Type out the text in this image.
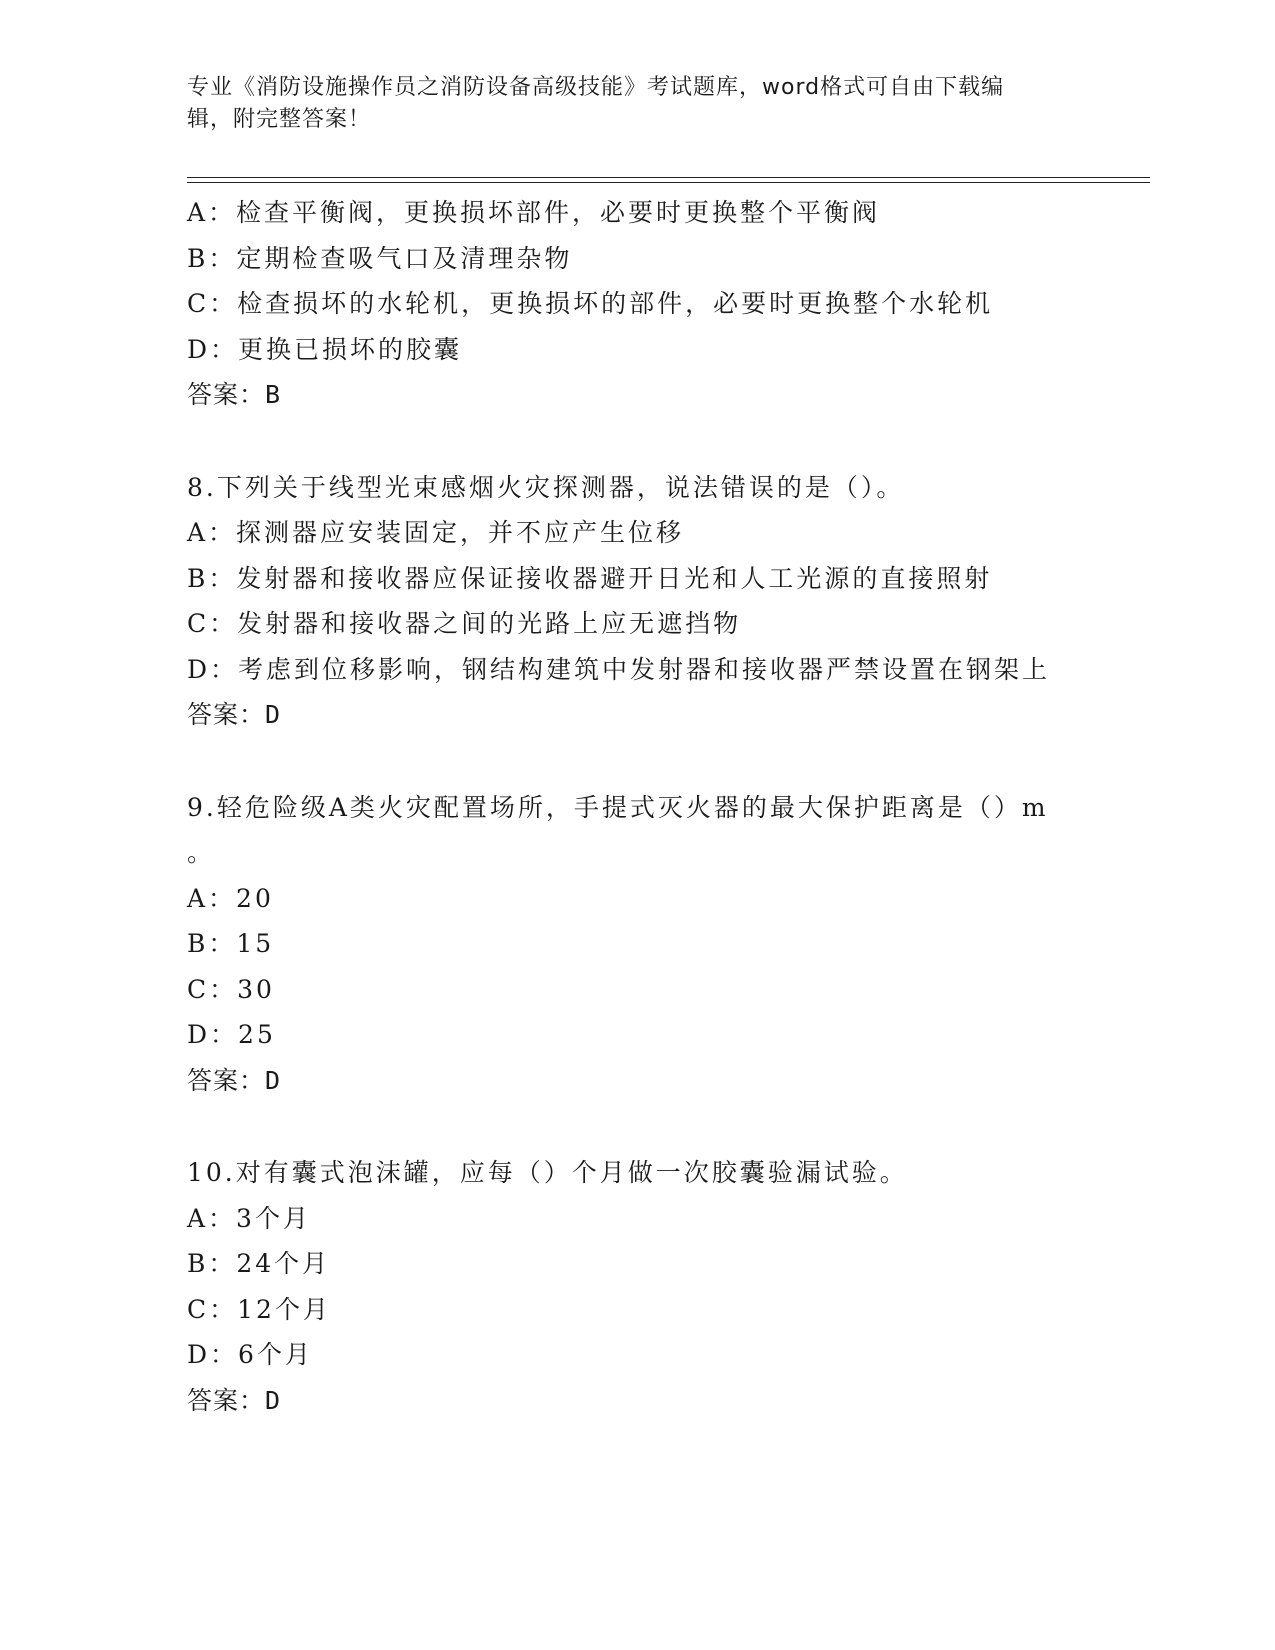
专业《消防设施操作员之消防设备高级技能》考试题库，word格式可自由下载编
辑，附完整答案！
A：检查平衡阀，更换损坏部件，必要时更换整个平衡阀
B：定期检查吸气口及清理杂物
C：检查损坏的水轮机，更换损坏的部件，必要时更换整个水轮机
D：更换已损坏的胶囊
答案：B
8.下列关于线型光束感烟火灾探测器，说法错误的是（）。
A：探测器应安装固定，并不应产生位移
B：发射器和接收器应保证接收器避开日光和人工光源的直接照射
C：发射器和接收器之间的光路上应无遮挡物
D：考虑到位移影响，钢结构建筑中发射器和接收器严禁设置在钢架上
答案：D
9.轻危险级A类火灾配置场所，手提式灭火器的最大保护距离是（）m
。
A：20
B：15
C：30
D：25
答案：D
10.对有囊式泡沫罐，应每（）个月做一次胶囊验漏试验。
A：3个月
B：24个月
C：12个月
D：6个月
答案：D
